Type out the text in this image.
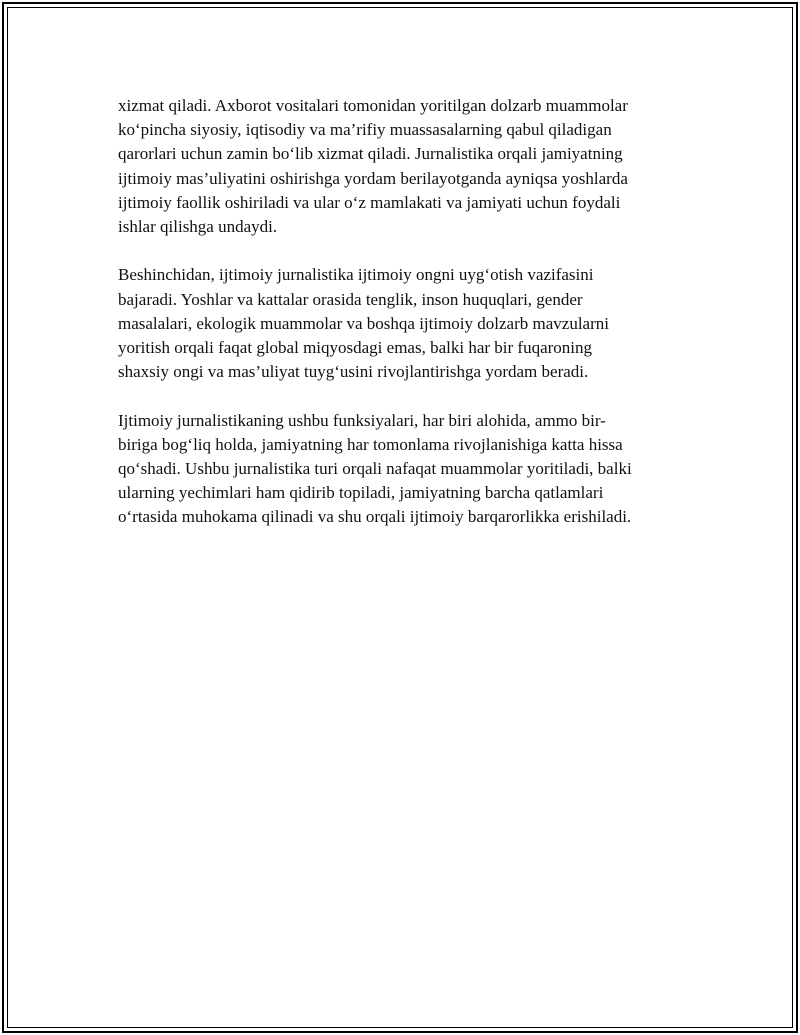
xizmat qiladi. Axborot vositalari tomonidan yoritilgan dolzarb muammolar
ko‘pincha siyosiy, iqtisodiy va ma’rifiy muassasalarning qabul qiladigan
qarorlari uchun zamin bo‘lib xizmat qiladi. Jurnalistika orqali jamiyatning
ijtimoiy mas’uliyatini oshirishga yordam berilayotganda ayniqsa yoshlarda
ijtimoiy faollik oshiriladi va ular o‘z mamlakati va jamiyati uchun foydali
ishlar qilishga undaydi.

Beshinchidan, ijtimoiy jurnalistika ijtimoiy ongni uyg‘otish vazifasini
bajaradi. Yoshlar va kattalar orasida tenglik, inson huquqlari, gender
masalalari, ekologik muammolar va boshqa ijtimoiy dolzarb mavzularni
yoritish orqali faqat global miqyosdagi emas, balki har bir fuqaroning
shaxsiy ongi va mas’uliyat tuyg‘usini rivojlantirishga yordam beradi.

Ijtimoiy jurnalistikaning ushbu funksiyalari, har biri alohida, ammo bir-
biriga bog‘liq holda, jamiyatning har tomonlama rivojlanishiga katta hissa
qo‘shadi. Ushbu jurnalistika turi orqali nafaqat muammolar yoritiladi, balki
ularning yechimlari ham qidirib topiladi, jamiyatning barcha qatlamlari
o‘rtasida muhokama qilinadi va shu orqali ijtimoiy barqarorlikka erishiladi.
